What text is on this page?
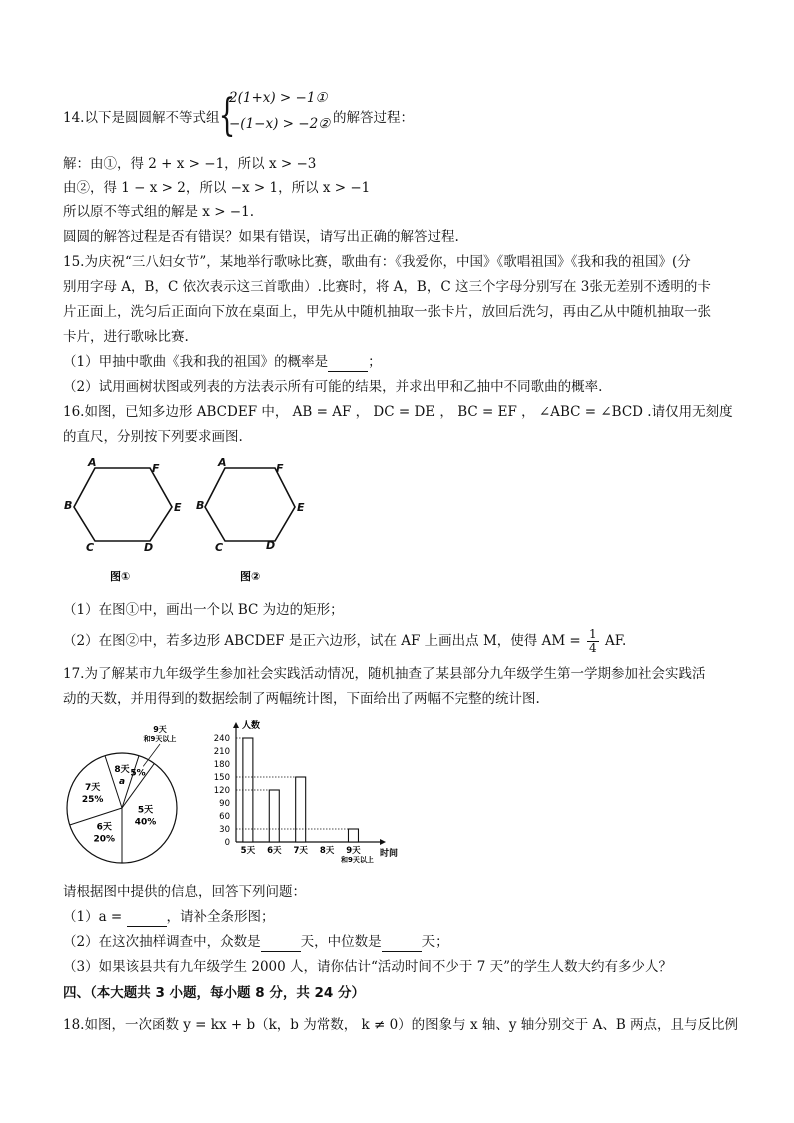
14.以下是圆圆解不等式组 {
2(1+x) > −1①
−(1−x) > −2② 的解答过程：
解：由①，得 2 + x > −1，所以 x > −3
由②，得 1 − x > 2，所以 −x > 1，所以 x > −1
所以原不等式组的解是 x > −1.
圆圆的解答过程是否有错误？如果有错误，请写出正确的解答过程.
15.为庆祝“三八妇女节”，某地举行歌咏比赛，歌曲有：《我爱你，中国》《歌唱祖国》《我和我的祖国》(分
别用字母 A，B，C 依次表示这三首歌曲）.比赛时，将 A，B，C 这三个字母分别写在 3张无差别不透明的卡
片正面上，洗匀后正面向下放在桌面上，甲先从中随机抽取一张卡片，放回后洗匀，再由乙从中随机抽取一张
卡片，进行歌咏比赛.
（1）甲抽中歌曲《我和我的祖国》的概率是	；
（2）试用画树状图或列表的方法表示所有可能的结果，并求出甲和乙抽中不同歌曲的概率.
16.如图，已知多边形 ABCDEF 中， AB = AF ， DC = DE ， BC = EF ， ∠ABC = ∠BCD .请仅用无刻度
的直尺，分别按下列要求画图.
A	F
B	E
C	D
A	F
B	E
C	D
图①	图②
（1）在图①中，画出一个以 BC 为边的矩形；
（2）在图②中，若多边形 ABCDEF 是正六边形，试在 AF 上画出点 M，使得 AM = $\frac{1}{4}$ AF.
17.为了解某市九年级学生参加社会实践活动情况，随机抽查了某县部分九年级学生第一学期参加社会实践活
动的天数，并用得到的数据绘制了两幅统计图，下面给出了两幅不完整的统计图.
5天
40%
6天
20%
7天
25%
8天
a
5%
9天
和9天以上
人数
时间
0
30
60
90
120
150
180
210
240
5天 6天 7天 8天 9天
和9天以上
请根据图中提供的信息，回答下列问题：
（1）a =	，请补全条形图；
（2）在这次抽样调查中，众数是	天，中位数是	天；
（3）如果该县共有九年级学生 2000 人，请你估计“活动时间不少于 7 天”的学生人数大约有多少人？
四、（本大题共 3 小题，每小题 8 分，共 24 分）
18.如图，一次函数 y = kx + b（k，b 为常数， k ≠ 0）的图象与 x 轴、y 轴分别交于 A、B 两点，且与反比例
